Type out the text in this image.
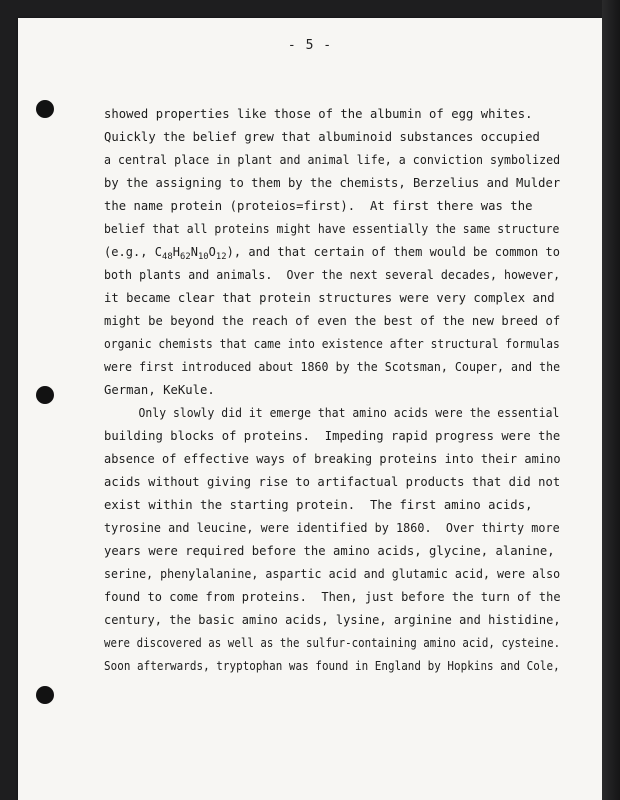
- 5 -
showed properties like those of the albumin of egg whites.
Quickly the belief grew that albuminoid substances occupied
a central place in plant and animal life, a conviction symbolized
by the assigning to them by the chemists, Berzelius and Mulder
the name protein (proteios=first).  At first there was the
belief that all proteins might have essentially the same structure
(e.g., $C_{48}H_{62}N_{10}O_{12}$), and that certain of them would be common to
both plants and animals.  Over the next several decades, however,
it became clear that protein structures were very complex and
might be beyond the reach of even the best of the new breed of
organic chemists that came into existence after structural formulas
were first introduced about 1860 by the Scotsman, Couper, and the
German, KeKule.
Only slowly did it emerge that amino acids were the essential
building blocks of proteins.  Impeding rapid progress were the
absence of effective ways of breaking proteins into their amino
acids without giving rise to artifactual products that did not
exist within the starting protein.  The first amino acids,
tyrosine and leucine, were identified by 1860.  Over thirty more
years were required before the amino acids, glycine, alanine,
serine, phenylalanine, aspartic acid and glutamic acid, were also
found to come from proteins.  Then, just before the turn of the
century, the basic amino acids, lysine, arginine and histidine,
were discovered as well as the sulfur-containing amino acid, cysteine.
Soon afterwards, tryptophan was found in England by Hopkins and Cole,
